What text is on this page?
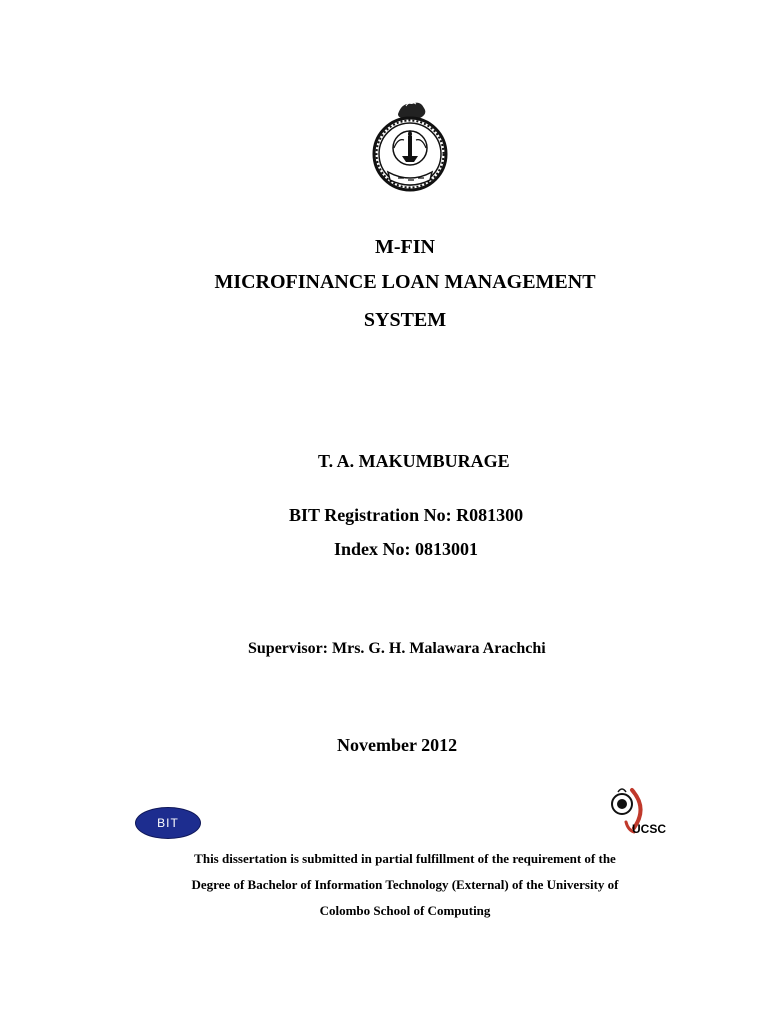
M-FIN
MICROFINANCE LOAN MANAGEMENT
SYSTEM
T. A. MAKUMBURAGE
BIT Registration No: R081300
Index No: 0813001
Supervisor: Mrs. G. H. Malawara Arachchi
November 2012
BIT	UCSC
This dissertation is submitted in partial fulfillment of the requirement of the
Degree of Bachelor of Information Technology (External) of the University of
Colombo School of Computing
